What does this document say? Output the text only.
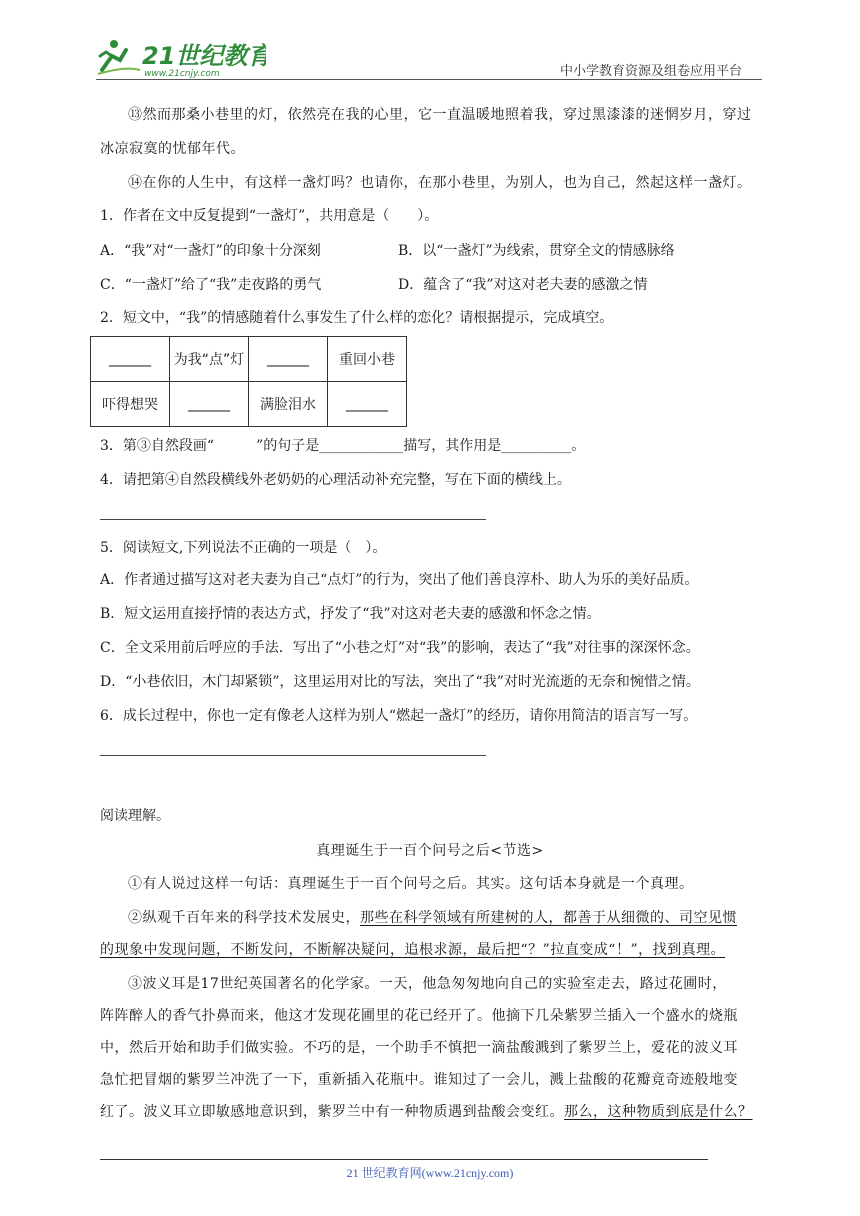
21世纪教育
www.21cnjy.com	中小学教育资源及组卷应用平台
⑬然而那桑小巷里的灯，依然亮在我的心里，它一直温暖地照着我，穿过黑漆漆的迷惘岁月，穿过冰凉寂寞的忧郁年代。
⑭在你的人生中，有这样一盏灯吗？也请你，在那小巷里，为别人，也为自己，然起这样一盏灯。
1．作者在文中反复提到“一盏灯”，共用意是（　　）。
A．“我”对“一盏灯”的印象十分深刻	B．以“一盏灯”为线索，贯穿全文的情感脉络
C．“一盏灯”给了“我”走夜路的勇气	D．蕴含了“我”对这对老夫妻的感激之情
2．短文中，“我”的情感随着什么事发生了什么样的恋化？请根据提示，完成填空。
______	为我“点”灯	______	重回小巷
吓得想哭	______	满脸泪水	______
3．第③自然段画“　　　”的句子是____________描写，其作用是__________。
4．请把第④自然段横线外老奶奶的心理活动补充完整，写在下面的横线上。
5．阅读短文,下列说法不正确的一项是（　）。
A．作者通过描写这对老夫妻为自己“点灯”的行为，突出了他们善良淳朴、助人为乐的美好品质。
B．短文运用直接抒情的表达方式，抒发了“我”对这对老夫妻的感激和怀念之情。
C．全文采用前后呼应的手法．写出了“小巷之灯”对“我”的影响，表达了“我”对往事的深深怀念。
D．“小巷依旧，木门却紧锁”，这里运用对比的写法，突出了“我”对时光流逝的无奈和惋惜之情。
6．成长过程中，你也一定有像老人这样为别人“燃起一盏灯”的经历，请你用简洁的语言写一写。
阅读理解。
真理诞生于一百个问号之后<节选>
①有人说过这样一句话：真理诞生于一百个问号之后。其实。这句话本身就是一个真理。
②纵观千百年来的科学技术发展史，那些在科学领域有所建树的人，都善于从细微的、司空见惯
的现象中发现问题，不断发问，不断解决疑问，追根求源，最后把“？”拉直变成“！”，找到真理。
③波义耳是17世纪英国著名的化学家。一天，他急匆匆地向自己的实验室走去，路过花圃时，
阵阵醉人的香气扑鼻而来，他这才发现花圃里的花已经开了。他摘下几朵紫罗兰插入一个盛水的烧瓶
中，然后开始和助手们做实验。不巧的是，一个助手不慎把一滴盐酸溅到了紫罗兰上，爱花的波义耳
急忙把冒烟的紫罗兰冲洗了一下，重新插入花瓶中。谁知过了一会儿，溅上盐酸的花瓣竟奇迹般地变
红了。波义耳立即敏感地意识到，紫罗兰中有一种物质遇到盐酸会变红。那么，这种物质到底是什么？
21 世纪教育网(www.21cnjy.com)
